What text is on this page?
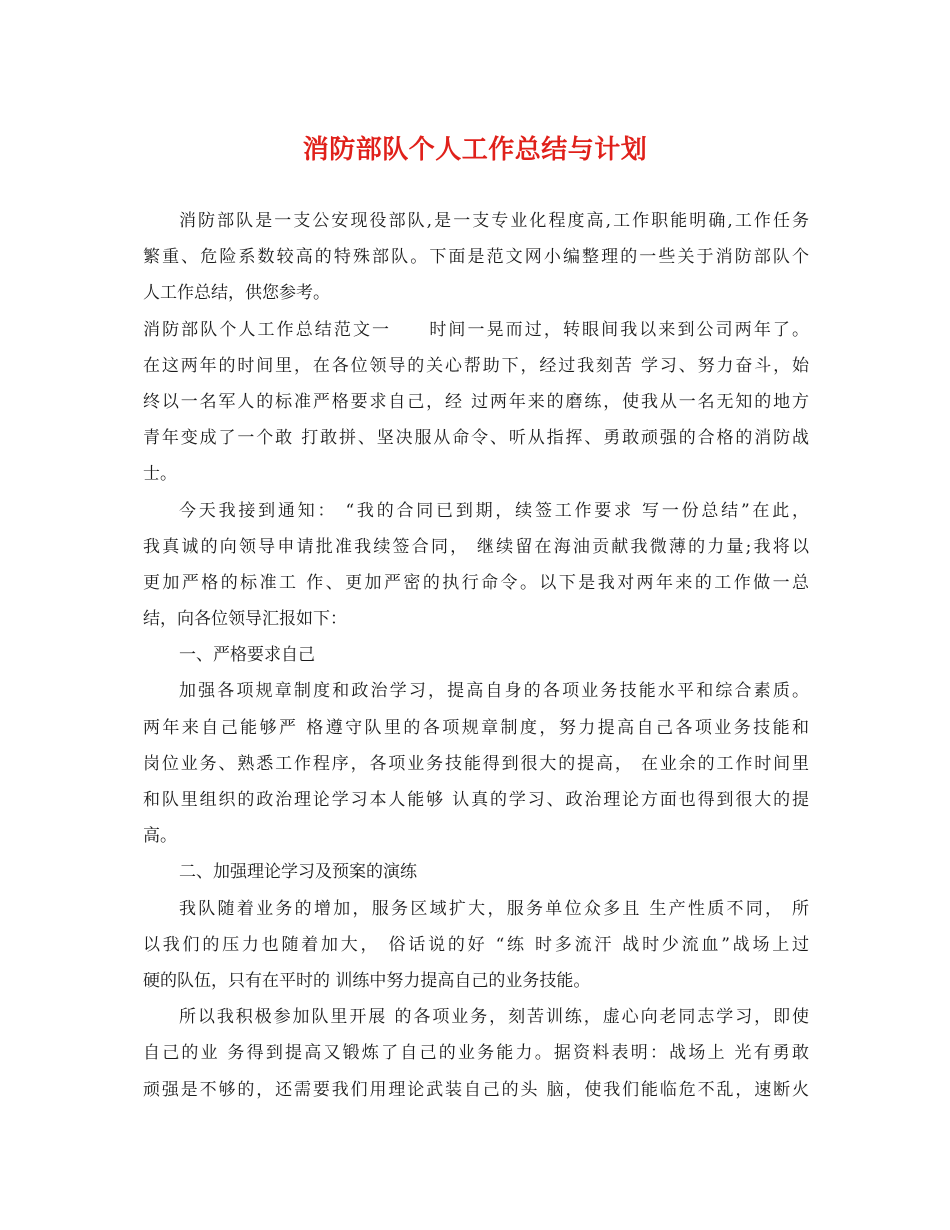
消防部队个人工作总结与计划
消防部队是一支公安现役部队,是一支专业化程度高,工作职能明确,工作任务
繁重、危险系数较高的特殊部队。下面是范文网小编整理的一些关于消防部队个
人工作总结，供您参考。
消防部队个人工作总结范文一　　时间一晃而过，转眼间我以来到公司两年了。
在这两年的时间里，在各位领导的关心帮助下，经过我刻苦 学习、努力奋斗，始
终以一名军人的标准严格要求自己，经 过两年来的磨练，使我从一名无知的地方
青年变成了一个敢 打敢拼、坚决服从命令、听从指挥、勇敢顽强的合格的消防战
士。
今天我接到通知： “我的合同已到期，续签工作要求 写一份总结”在此，
我真诚的向领导申请批准我续签合同， 继续留在海油贡献我微薄的力量;我将以
更加严格的标准工 作、更加严密的执行命令。以下是我对两年来的工作做一总
结，向各位领导汇报如下：
一、严格要求自己
加强各项规章制度和政治学习，提高自身的各项业务技能水平和综合素质。
两年来自己能够严 格遵守队里的各项规章制度，努力提高自己各项业务技能和
岗位业务、熟悉工作程序，各项业务技能得到很大的提高， 在业余的工作时间里
和队里组织的政治理论学习本人能够 认真的学习、政治理论方面也得到很大的提
高。
二、加强理论学习及预案的演练
我队随着业务的增加，服务区域扩大，服务单位众多且 生产性质不同， 所
以我们的压力也随着加大， 俗话说的好 “练 时多流汗 战时少流血”战场上过
硬的队伍，只有在平时的 训练中努力提高自己的业务技能。
所以我积极参加队里开展 的各项业务，刻苦训练，虚心向老同志学习，即使
自己的业 务得到提高又锻炼了自己的业务能力。据资料表明：战场上 光有勇敢
顽强是不够的，还需要我们用理论武装自己的头 脑，使我们能临危不乱，速断火
